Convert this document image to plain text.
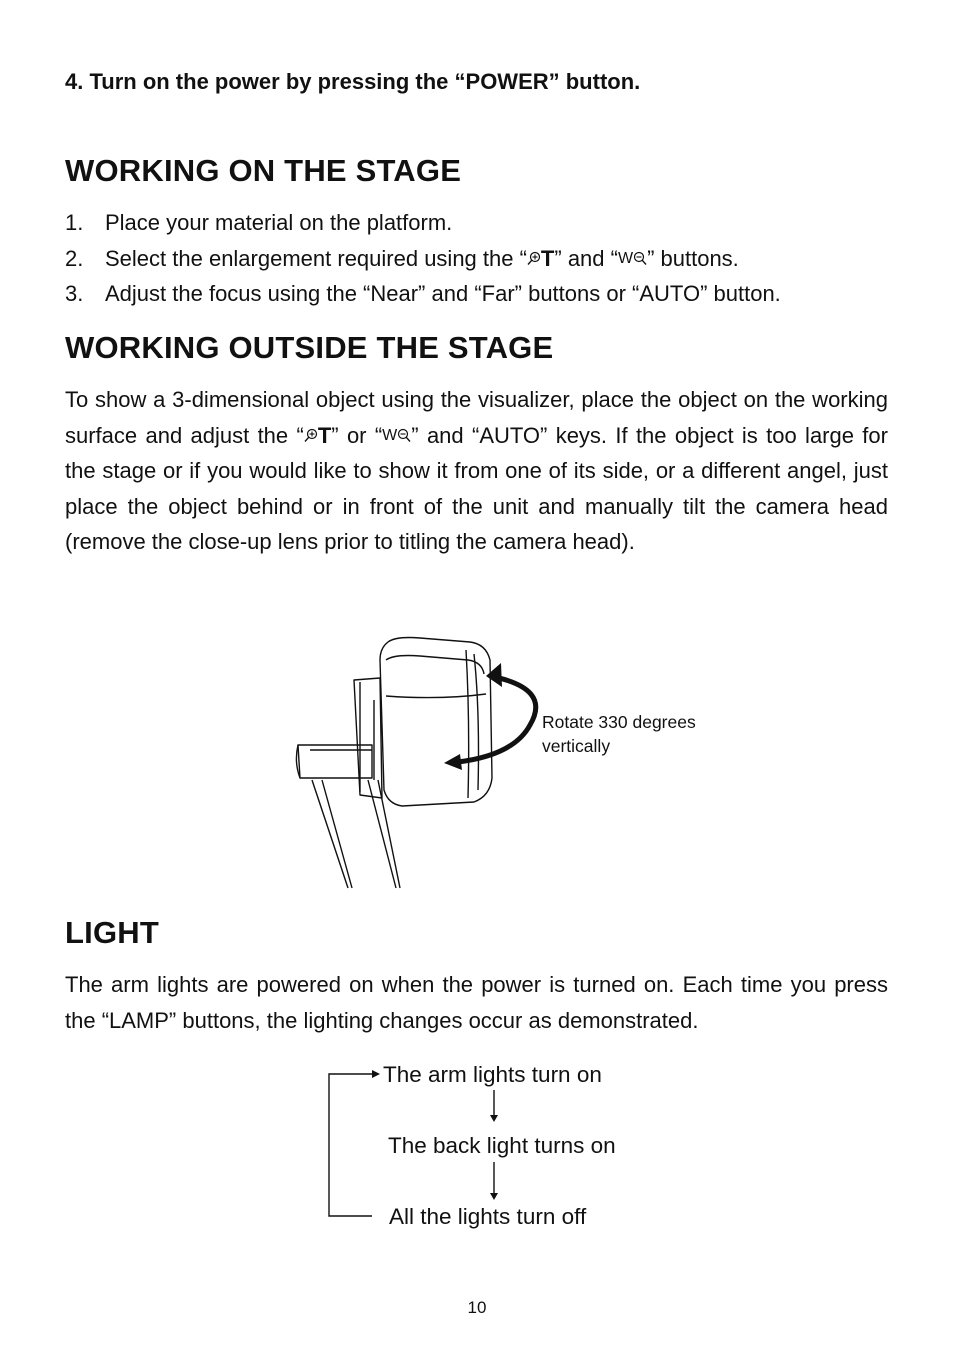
4. Turn on the power by pressing the “POWER” button.
WORKING ON THE STAGE
1. Place your material on the platform.
2. Select the enlargement required using the “ T” and “W ” buttons.
3. Adjust the focus using the “Near” and “Far” buttons or “AUTO” button.
WORKING OUTSIDE THE STAGE

To show a 3-dimensional object using the visualizer, place the object on the working surface and adjust the “ T” or “W ” and “AUTO” keys. If the object is too large for the stage or if you would like to show it from one of its side, or a different angel, just place the object behind or in front of the unit and manually tilt the camera head (remove the close-up lens prior to titling the camera head).

Rotate 330 degrees
vertically
LIGHT

The arm lights are powered on when the power is turned on. Each time you press the “LAMP” buttons, the lighting changes occur as demonstrated.

The arm lights turn on
The back light turns on
All the lights turn off
10
